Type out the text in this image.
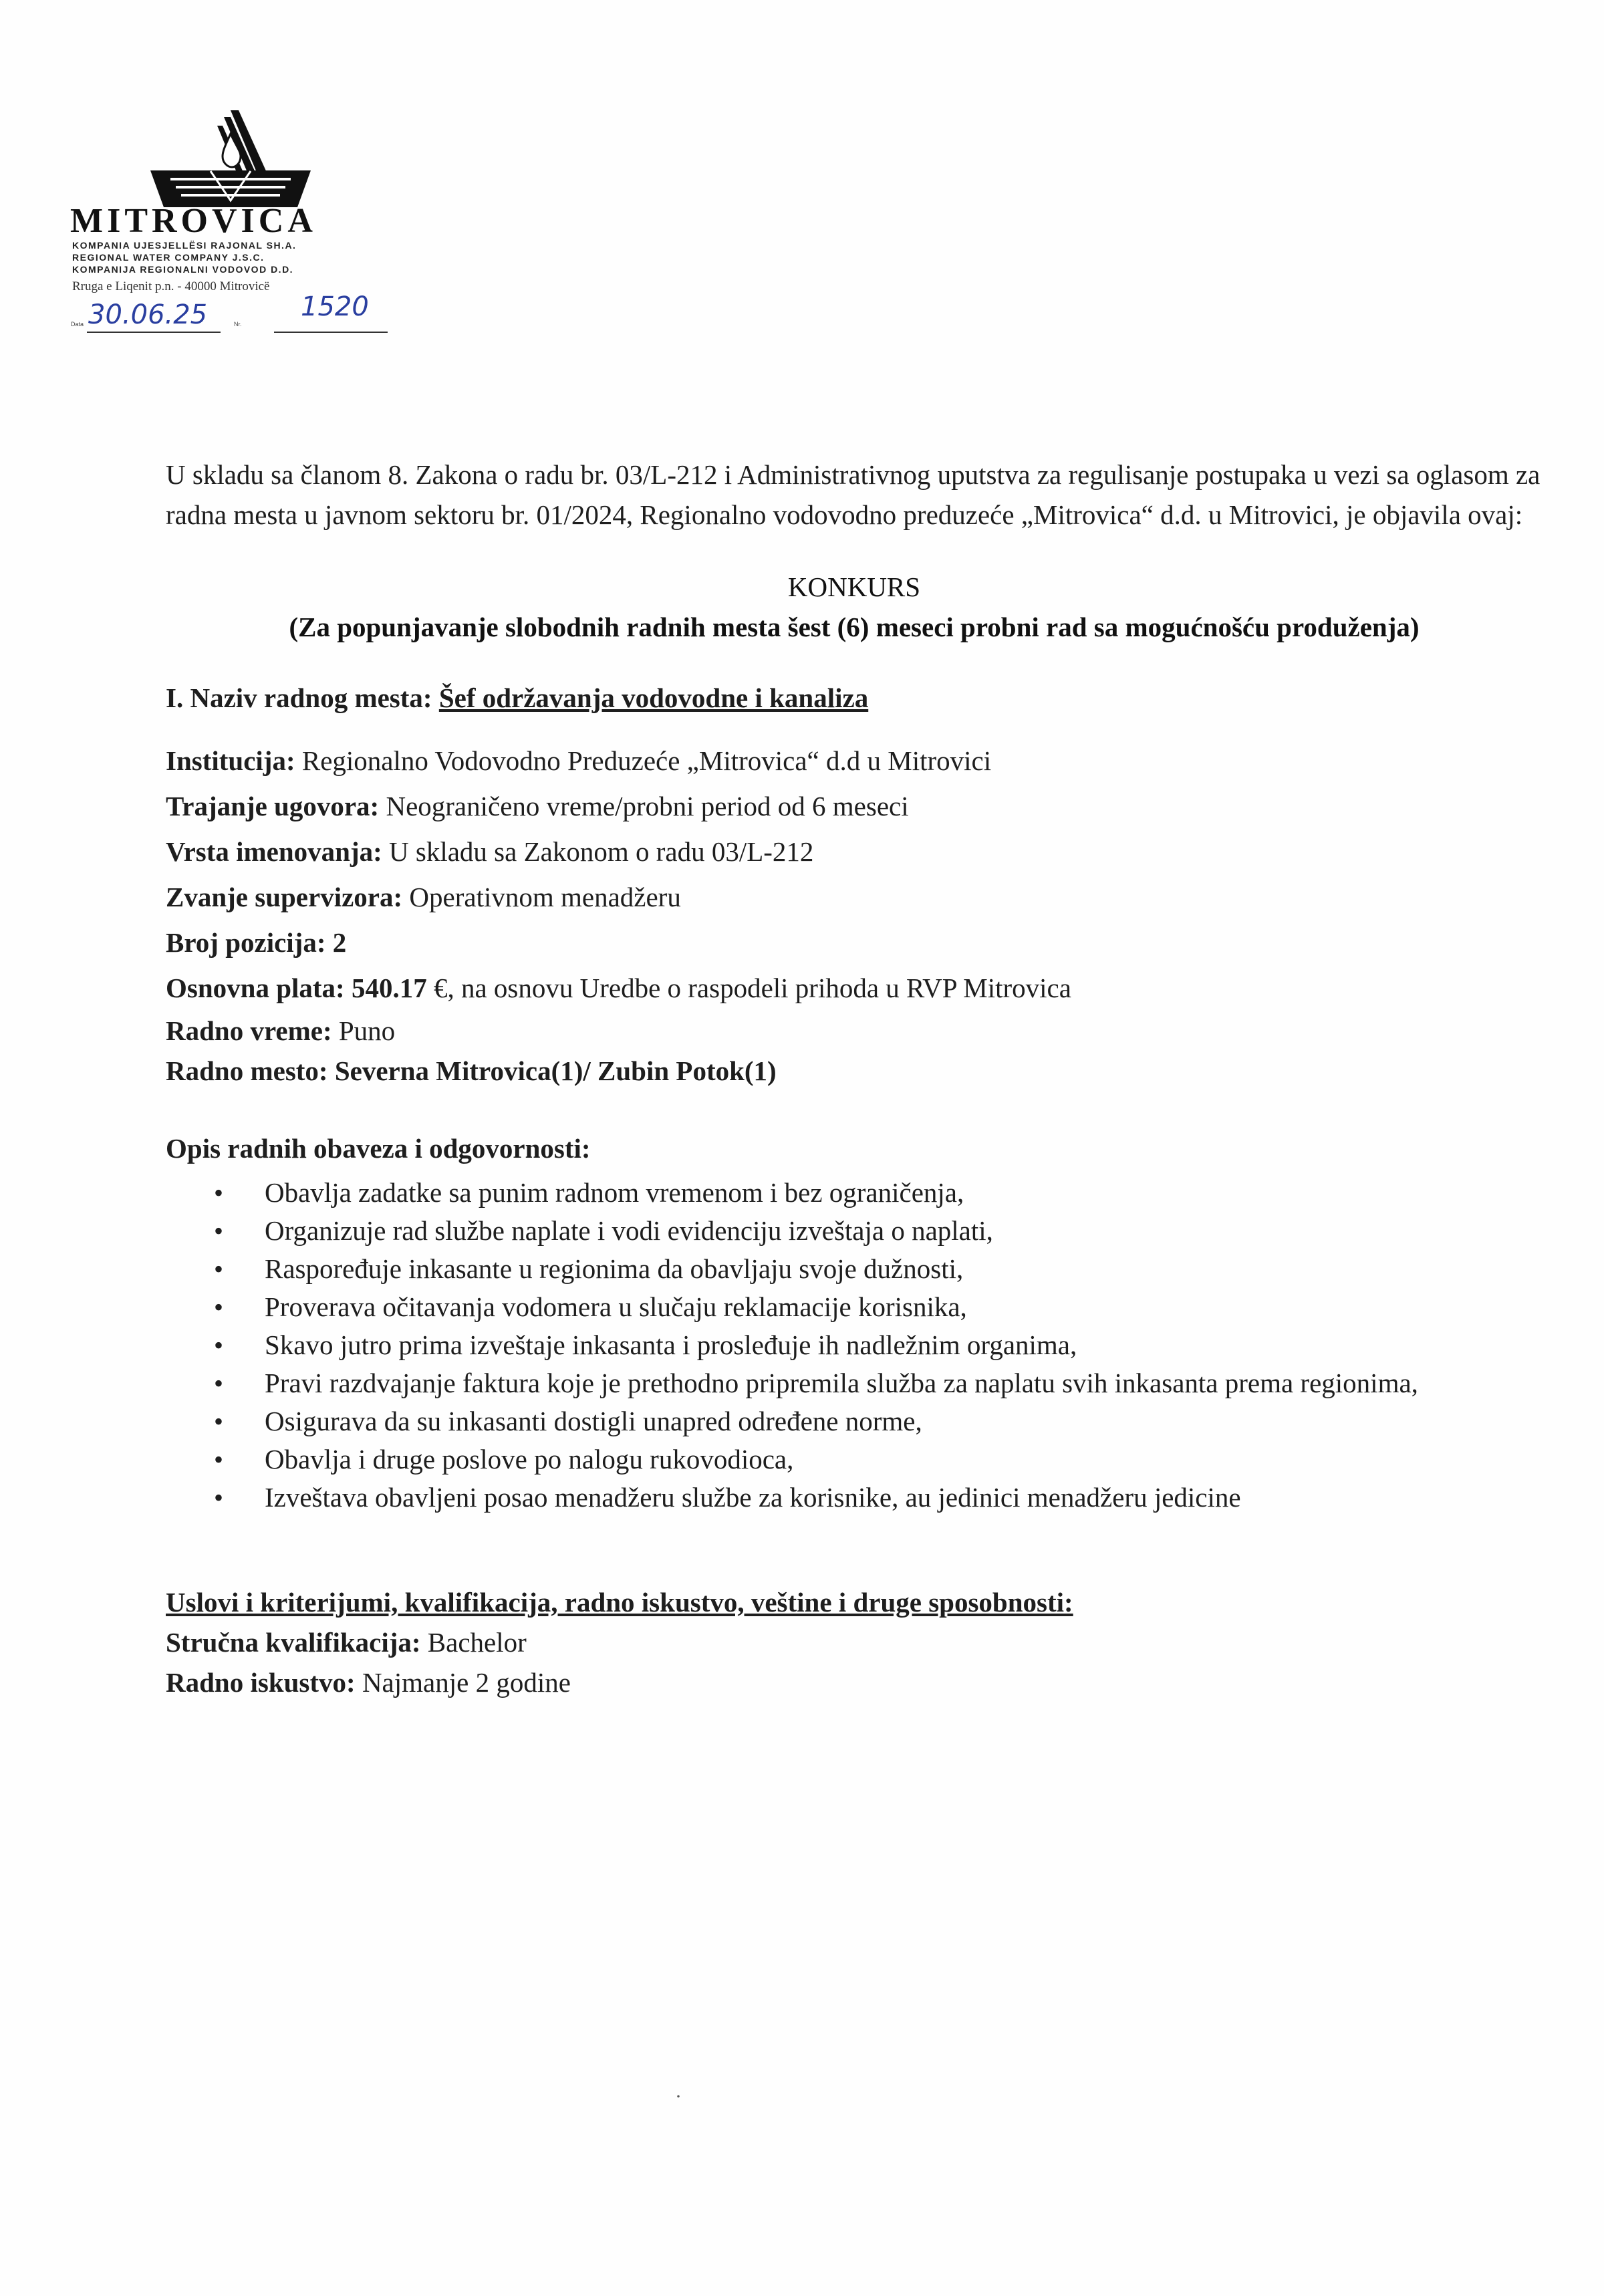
MITROVICA
KOMPANIA UJESJELLËSI RAJONAL SH.A.
REGIONAL WATER COMPANY J.S.C.
KOMPANIJA REGIONALNI VODOVOD D.D.
Rruga e Liqenit p.n. - 40000 Mitrovicë
Data 30.06.25	Nr.
1520

U skladu sa članom 8. Zakona o radu br. 03/L-212 i Administrativnog uputstva za regulisanje postupaka u vezi sa oglasom za radna mesta u javnom sektoru br. 01/2024, Regionalno vodovodno preduzeće „Mitrovica“ d.d. u Mitrovici, je objavila ovaj:

KONKURS

(Za popunjavanje slobodnih radnih mesta šest (6) meseci probni rad sa mogućnošću produženja)

I. Naziv radnog mesta: Šef održavanja vodovodne i kanaliza

Institucija: Regionalno Vodovodno Preduzeće „Mitrovica“ d.d u Mitrovici

Trajanje ugovora: Neograničeno vreme/probni period od 6 meseci

Vrsta imenovanja: U skladu sa Zakonom o radu 03/L-212

Zvanje supervizora: Operativnom menadžeru

Broj pozicija: 2

Osnovna plata: 540.17 €, na osnovu Uredbe o raspodeli prihoda u RVP Mitrovica

Radno vreme: Puno

Radno mesto: Severna Mitrovica(1)/ Zubin Potok(1)

Opis radnih obaveza i odgovornosti:

• Obavlja zadatke sa punim radnom vremenom i bez ograničenja,
• Organizuje rad službe naplate i vodi evidenciju izveštaja o naplati,
• Raspoređuje inkasante u regionima da obavljaju svoje dužnosti,
• Proverava očitavanja vodomera u slučaju reklamacije korisnika,
• Skavo jutro prima izveštaje inkasanta i prosleđuje ih nadležnim organima,
• Pravi razdvajanje faktura koje je prethodno pripremila služba za naplatu svih inkasanta prema regionima,
• Osigurava da su inkasanti dostigli unapred određene norme,
• Obavlja i druge poslove po nalogu rukovodioca,
• Izveštava obavljeni posao menadžeru službe za korisnike, au jedinici menadžeru jedicine

Uslovi i kriterijumi, kvalifikacija, radno iskustvo, veštine i druge sposobnosti:

Stručna kvalifikacija: Bachelor

Radno iskustvo: Najmanje 2 godine

·
